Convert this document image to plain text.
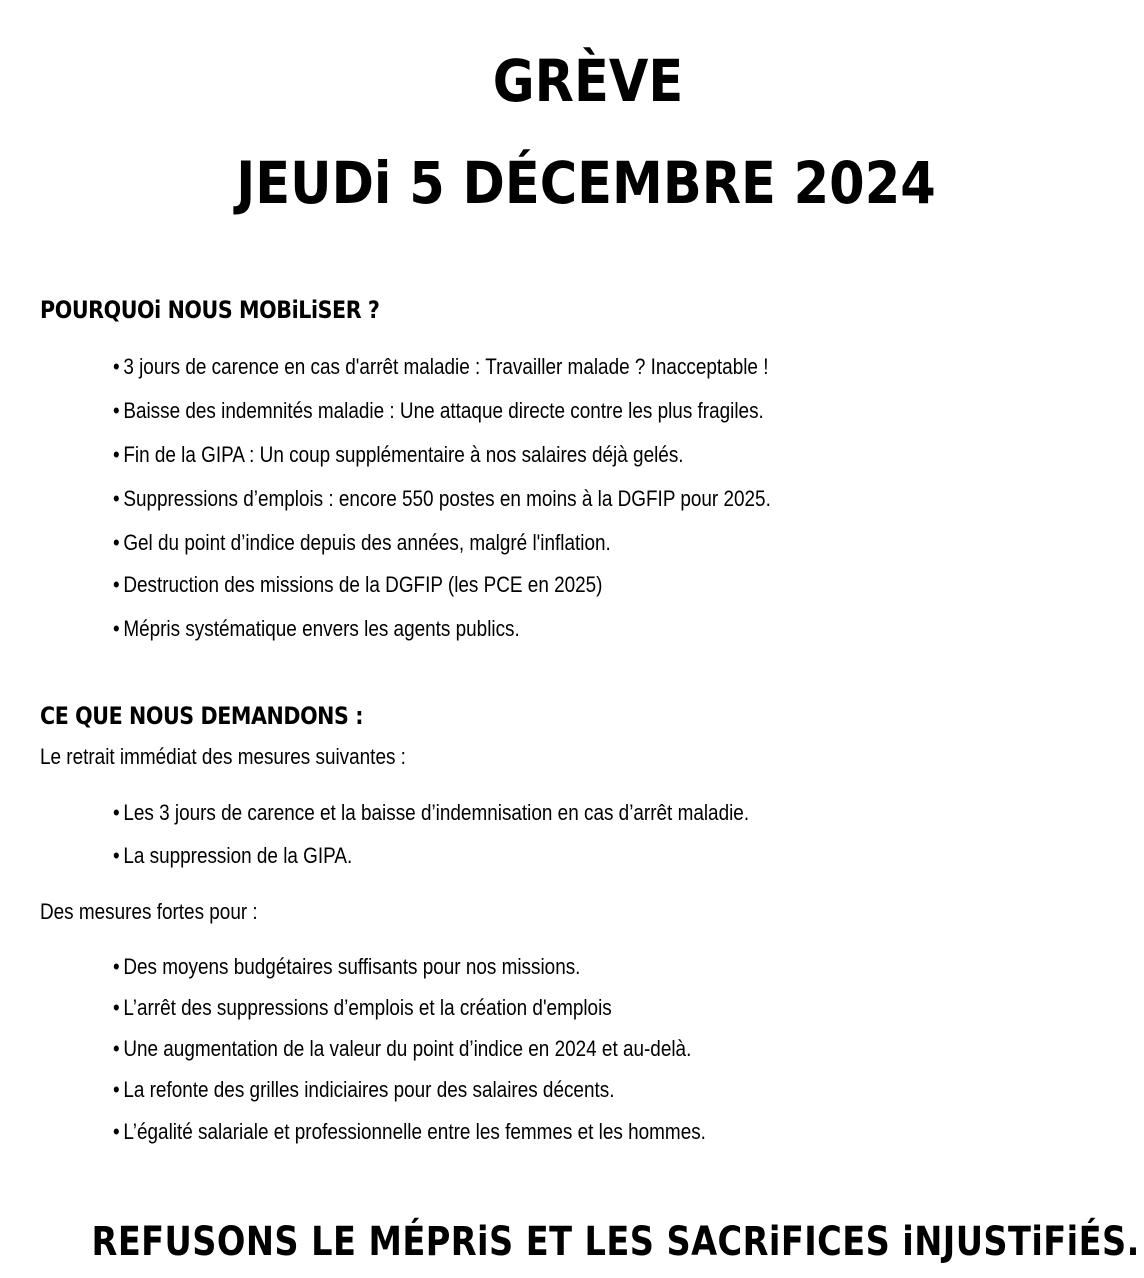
GRÈVE
JEUDi 5 DÉCEMBRE 2024
POURQUOi NOUS MOBiLiSER ?
• 3 jours de carence en cas d'arrêt maladie : Travailler malade ? Inacceptable !
• Baisse des indemnités maladie : Une attaque directe contre les plus fragiles.
• Fin de la GIPA : Un coup supplémentaire à nos salaires déjà gelés.
• Suppressions d’emplois : encore 550 postes en moins à la DGFIP pour 2025.
• Gel du point d’indice depuis des années, malgré l'inflation.
• Destruction des missions de la DGFIP (les PCE en 2025)
• Mépris systématique envers les agents publics.
CE QUE NOUS DEMANDONS :
Le retrait immédiat des mesures suivantes :
• Les 3 jours de carence et la baisse d’indemnisation en cas d’arrêt maladie.
• La suppression de la GIPA.
Des mesures fortes pour :
• Des moyens budgétaires suffisants pour nos missions.
• L’arrêt des suppressions d’emplois et la création d'emplois
• Une augmentation de la valeur du point d’indice en 2024 et au-delà.
• La refonte des grilles indiciaires pour des salaires décents.
• L’égalité salariale et professionnelle entre les femmes et les hommes.
REFUSONS LE MÉPRiS ET LES SACRiFICES iNJUSTiFiÉS.
